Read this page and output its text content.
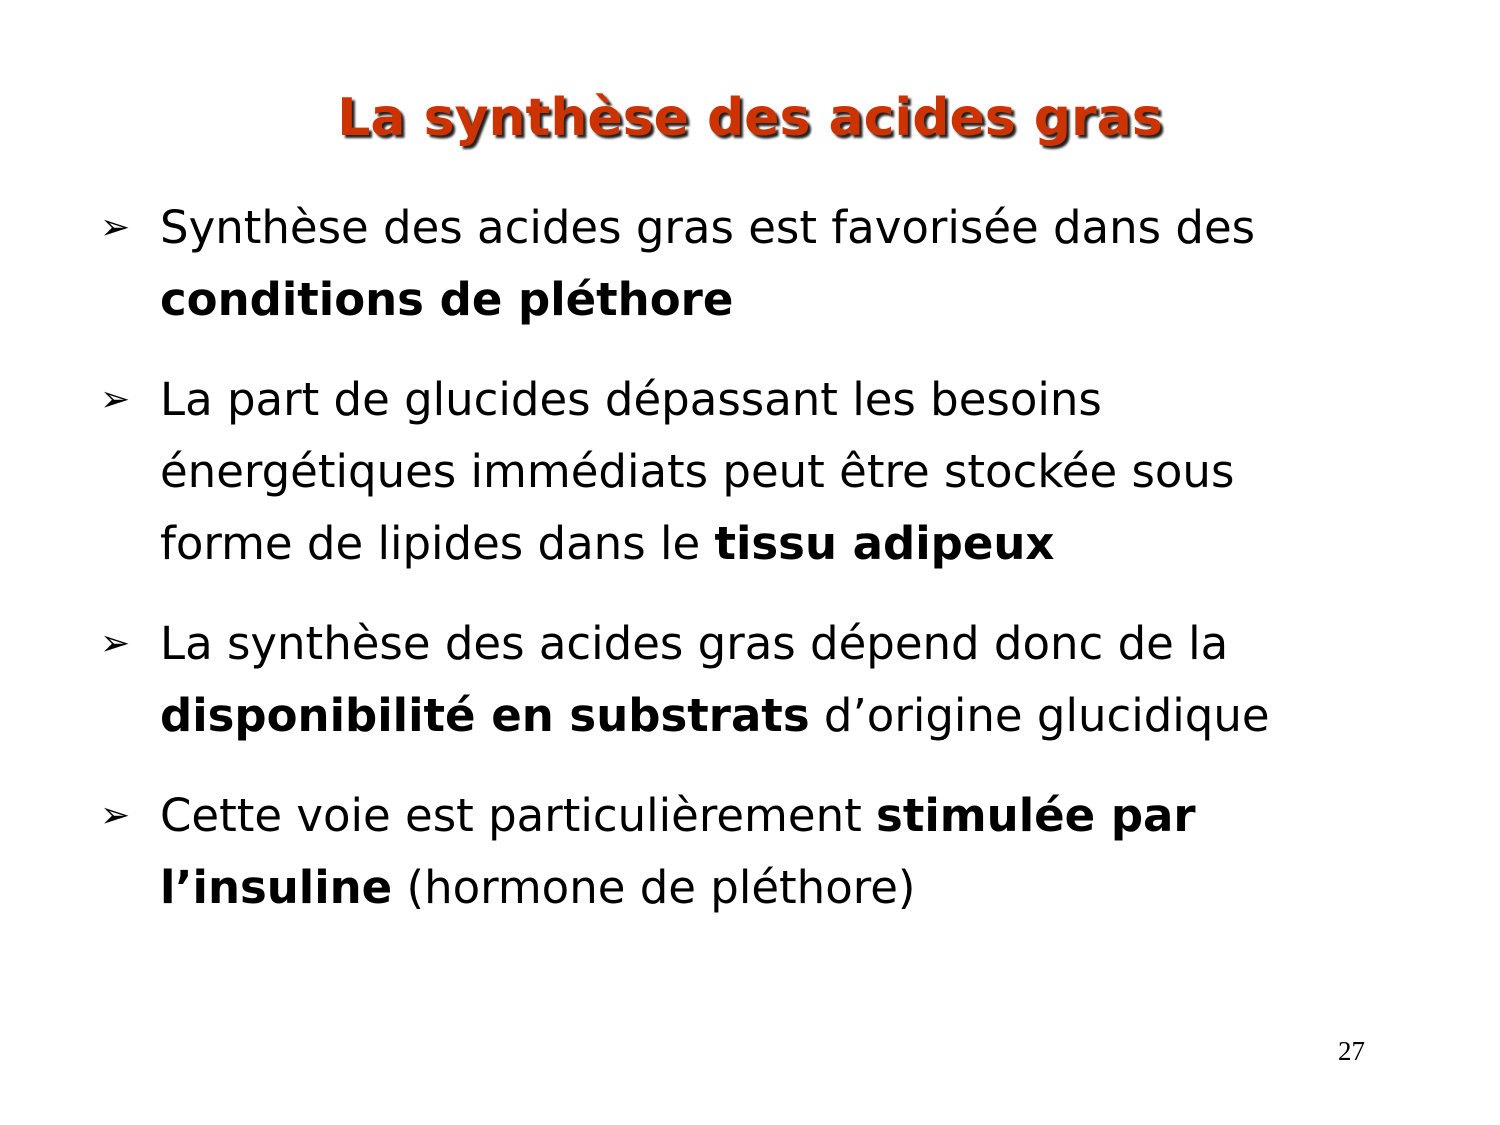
La synthèse des acides gras
➢ Synthèse des acides gras est favorisée dans des
conditions de pléthore
➢ La part de glucides dépassant les besoins
énergétiques immédiats peut être stockée sous
forme de lipides dans le tissu adipeux
➢ La synthèse des acides gras dépend donc de la
disponibilité en substrats d’origine glucidique
➢ Cette voie est particulièrement stimulée par
l’insuline (hormone de pléthore)
27
